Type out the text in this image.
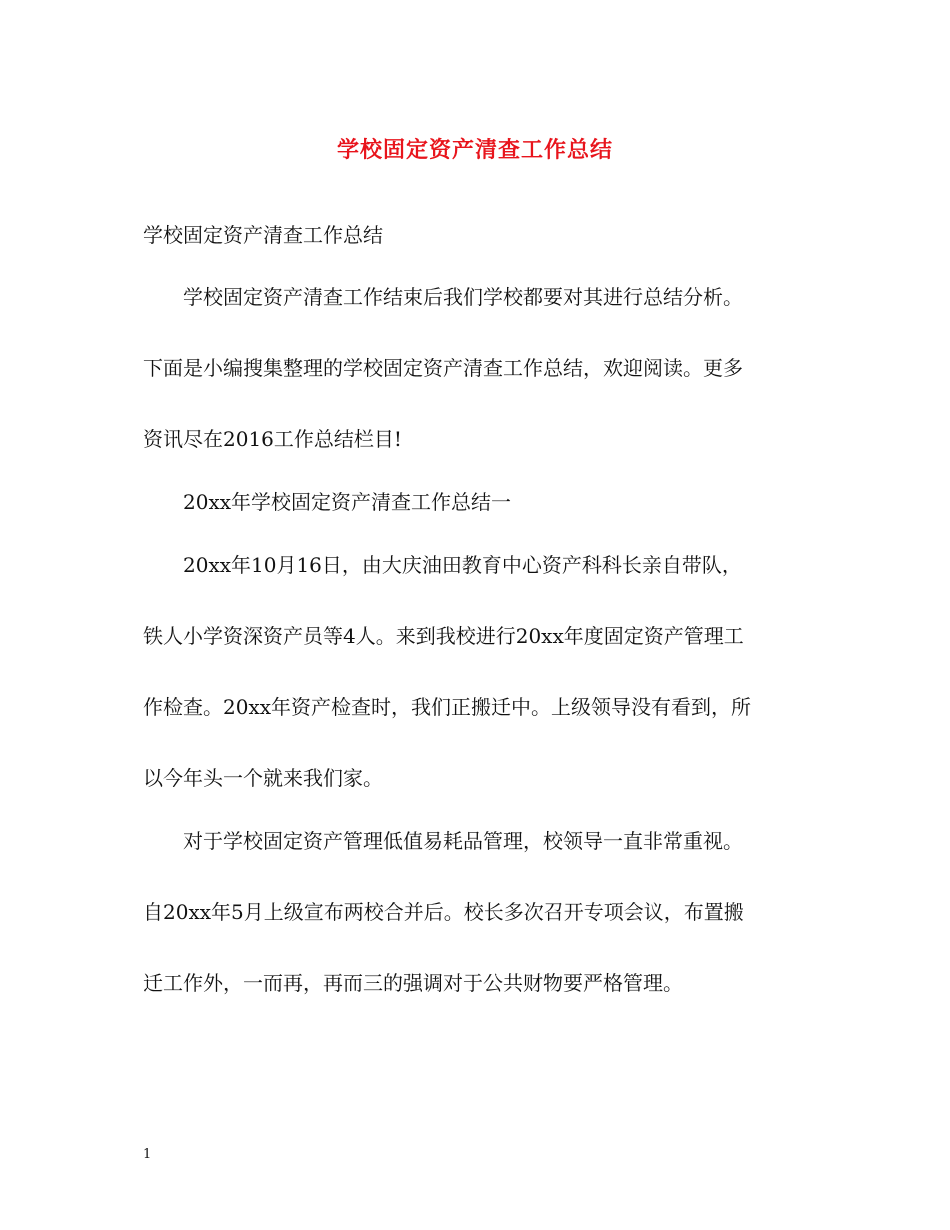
学校固定资产清查工作总结
学校固定资产清查工作总结
学校固定资产清查工作结束后我们学校都要对其进行总结分析。
下面是小编搜集整理的学校固定资产清查工作总结，欢迎阅读。更多
资讯尽在2016工作总结栏目!
20xx年学校固定资产清查工作总结一
20xx年10月16日，由大庆油田教育中心资产科科长亲自带队，
铁人小学资深资产员等4人。来到我校进行20xx年度固定资产管理工
作检查。20xx年资产检查时，我们正搬迁中。上级领导没有看到，所
以今年头一个就来我们家。
对于学校固定资产管理低值易耗品管理，校领导一直非常重视。
自20xx年5月上级宣布两校合并后。校长多次召开专项会议，布置搬
迁工作外，一而再，再而三的强调对于公共财物要严格管理。
1
